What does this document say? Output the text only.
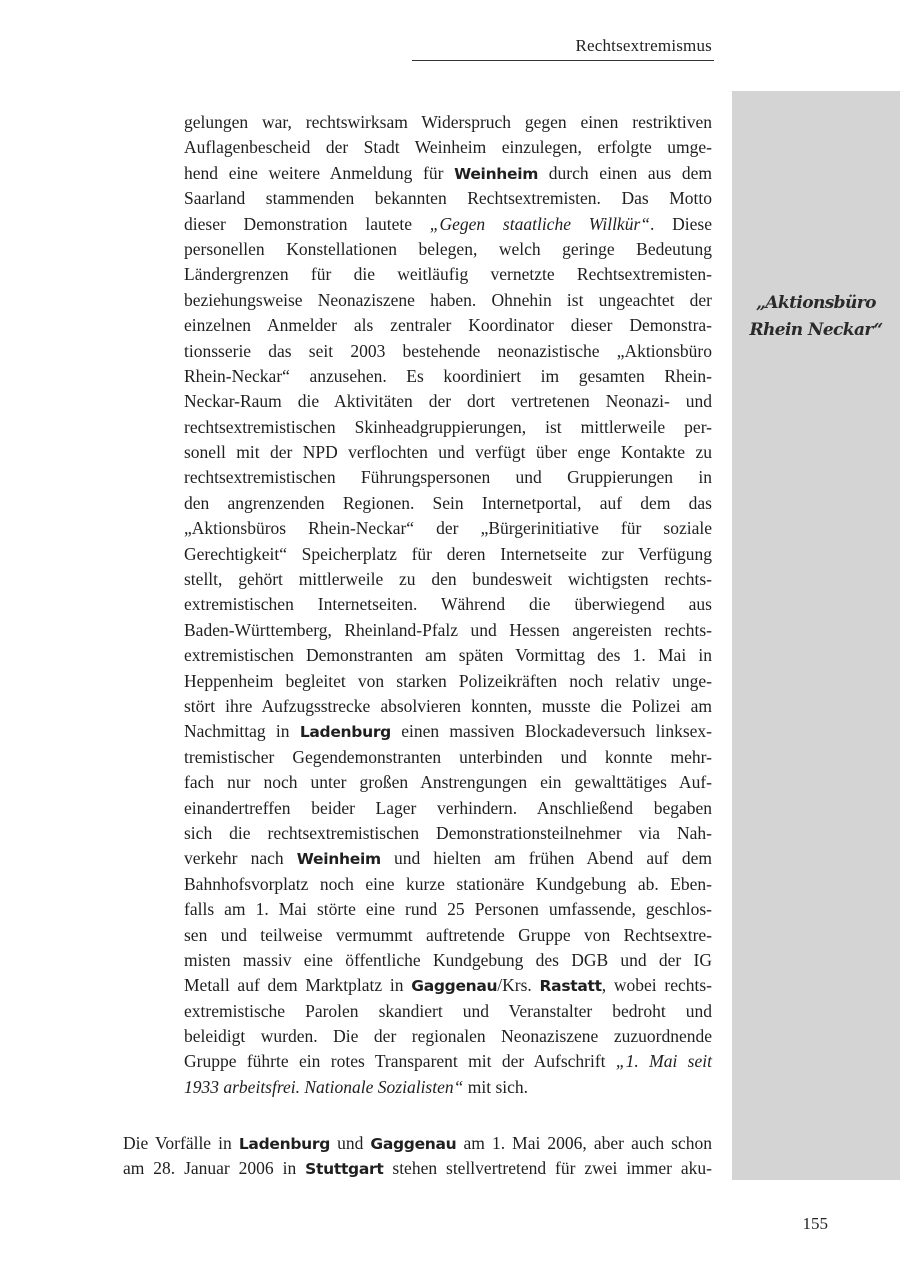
Rechtsextremismus
„Aktionsbüro
Rhein Neckar“
gelungen war, rechtswirksam Widerspruch gegen einen restriktiven
Auflagenbescheid der Stadt Weinheim einzulegen, erfolgte umge-
hend eine weitere Anmeldung für Weinheim durch einen aus dem
Saarland stammenden bekannten Rechtsextremisten. Das Motto
dieser Demonstration lautete „Gegen staatliche Willkür“. Diese
personellen Konstellationen belegen, welch geringe Bedeutung
Ländergrenzen für die weitläufig vernetzte Rechtsextremisten-
beziehungsweise Neonaziszene haben. Ohnehin ist ungeachtet der
einzelnen Anmelder als zentraler Koordinator dieser Demonstra-
tionsserie das seit 2003 bestehende neonazistische „Aktionsbüro
Rhein-Neckar“ anzusehen. Es koordiniert im gesamten Rhein-
Neckar-Raum die Aktivitäten der dort vertretenen Neonazi- und
rechtsextremistischen Skinheadgruppierungen, ist mittlerweile per-
sonell mit der NPD verflochten und verfügt über enge Kontakte zu
rechtsextremistischen Führungspersonen und Gruppierungen in
den angrenzenden Regionen. Sein Internetportal, auf dem das
„Aktionsbüros Rhein-Neckar“ der „Bürgerinitiative für soziale
Gerechtigkeit“ Speicherplatz für deren Internetseite zur Verfügung
stellt, gehört mittlerweile zu den bundesweit wichtigsten rechts-
extremistischen Internetseiten. Während die überwiegend aus
Baden-Württemberg, Rheinland-Pfalz und Hessen angereisten rechts-
extremistischen Demonstranten am späten Vormittag des 1. Mai in
Heppenheim begleitet von starken Polizeikräften noch relativ unge-
stört ihre Aufzugsstrecke absolvieren konnten, musste die Polizei am
Nachmittag in Ladenburg einen massiven Blockadeversuch linksex-
tremistischer Gegendemonstranten unterbinden und konnte mehr-
fach nur noch unter großen Anstrengungen ein gewalttätiges Auf-
einandertreffen beider Lager verhindern. Anschließend begaben
sich die rechtsextremistischen Demonstrationsteilnehmer via Nah-
verkehr nach Weinheim und hielten am frühen Abend auf dem
Bahnhofsvorplatz noch eine kurze stationäre Kundgebung ab. Eben-
falls am 1. Mai störte eine rund 25 Personen umfassende, geschlos-
sen und teilweise vermummt auftretende Gruppe von Rechtsextre-
misten massiv eine öffentliche Kundgebung des DGB und der IG
Metall auf dem Marktplatz in Gaggenau/Krs. Rastatt, wobei rechts-
extremistische Parolen skandiert und Veranstalter bedroht und
beleidigt wurden. Die der regionalen Neonaziszene zuzuordnende
Gruppe führte ein rotes Transparent mit der Aufschrift „1. Mai seit
1933 arbeitsfrei. Nationale Sozialisten“ mit sich.
Die Vorfälle in Ladenburg und Gaggenau am 1. Mai 2006, aber auch schon
am 28. Januar 2006 in Stuttgart stehen stellvertretend für zwei immer aku-
155
